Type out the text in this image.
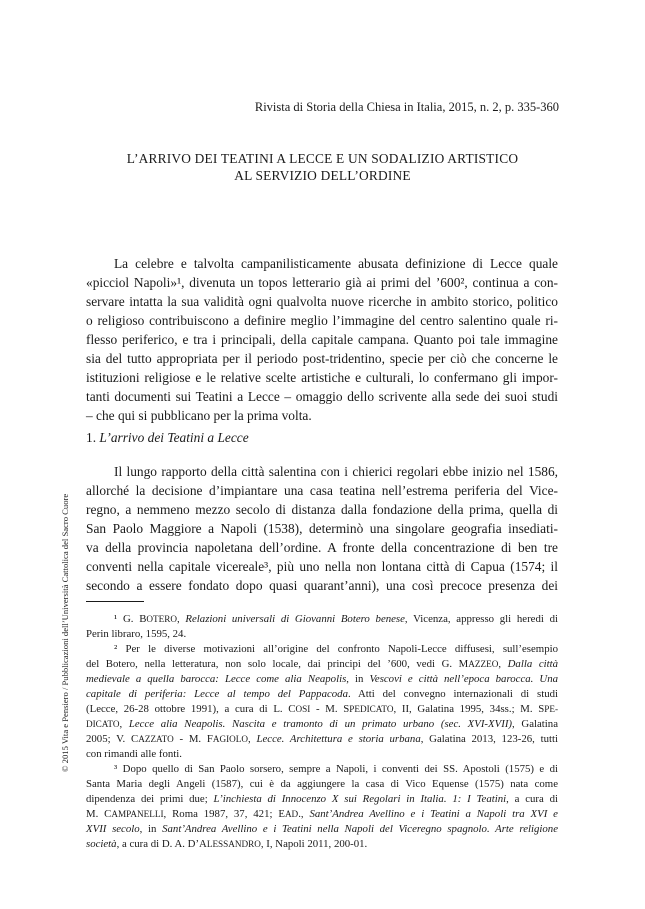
Rivista di Storia della Chiesa in Italia, 2015, n. 2, p. 335-360
L’ARRIVO DEI TEATINI A LECCE E UN SODALIZIO ARTISTICO
AL SERVIZIO DELL’ORDINE
La celebre e talvolta campanilisticamente abusata definizione di Lecce quale
«picciol Napoli»¹, divenuta un topos letterario già ai primi del ’600², continua a con-
servare intatta la sua validità ogni qualvolta nuove ricerche in ambito storico, politico
o religioso contribuiscono a definire meglio l’immagine del centro salentino quale ri-
flesso periferico, e tra i principali, della capitale campana. Quanto poi tale immagine
sia del tutto appropriata per il periodo post-tridentino, specie per ciò che concerne le
istituzioni religiose e le relative scelte artistiche e culturali, lo confermano gli impor-
tanti documenti sui Teatini a Lecce – omaggio dello scrivente alla sede dei suoi studi
– che qui si pubblicano per la prima volta.
1. L’arrivo dei Teatini a Lecce
Il lungo rapporto della città salentina con i chierici regolari ebbe inizio nel 1586,
allorché la decisione d’impiantare una casa teatina nell’estrema periferia del Vice-
regno, a nemmeno mezzo secolo di distanza dalla fondazione della prima, quella di
San Paolo Maggiore a Napoli (1538), determinò una singolare geografia insediati-
va della provincia napoletana dell’ordine. A fronte della concentrazione di ben tre
conventi nella capitale vicereale³, più uno nella non lontana città di Capua (1574; il
secondo a essere fondato dopo quasi quarant’anni), una così precoce presenza dei
¹ G. BOTERO, Relazioni universali di Giovanni Botero benese, Vicenza, appresso gli heredi di
Perin libraro, 1595, 24.
² Per le diverse motivazioni all’origine del confronto Napoli-Lecce diffusesi, sull’esempio
del Botero, nella letteratura, non solo locale, dai principi del ’600, vedi G. MAZZEO, Dalla città
medievale a quella barocca: Lecce come alia Neapolis, in Vescovi e città nell’epoca barocca. Una
capitale di periferia: Lecce al tempo del Pappacoda. Atti del convegno internazionali di studi
(Lecce, 26-28 ottobre 1991), a cura di L. COSI - M. SPEDICATO, II, Galatina 1995, 34ss.; M. SPE-
DICATO, Lecce alia Neapolis. Nascita e tramonto di un primato urbano (sec. XVI-XVII), Galatina
2005; V. CAZZATO - M. FAGIOLO, Lecce. Architettura e storia urbana, Galatina 2013, 123-26, tutti
con rimandi alle fonti.
³ Dopo quello di San Paolo sorsero, sempre a Napoli, i conventi dei SS. Apostoli (1575) e di
Santa Maria degli Angeli (1587), cui è da aggiungere la casa di Vico Equense (1575) nata come
dipendenza dei primi due; L’inchiesta di Innocenzo X sui Regolari in Italia. 1: I Teatini, a cura di
M. CAMPANELLI, Roma 1987, 37, 421; EAD., Sant’Andrea Avellino e i Teatini a Napoli tra XVI e
XVII secolo, in Sant’Andrea Avellino e i Teatini nella Napoli del Viceregno spagnolo. Arte religione
società, a cura di D. A. D’ALESSANDRO, I, Napoli 2011, 200-01.
© 2015 Vita e Pensiero / Pubblicazioni dell’Università Cattolica del Sacro Cuore
